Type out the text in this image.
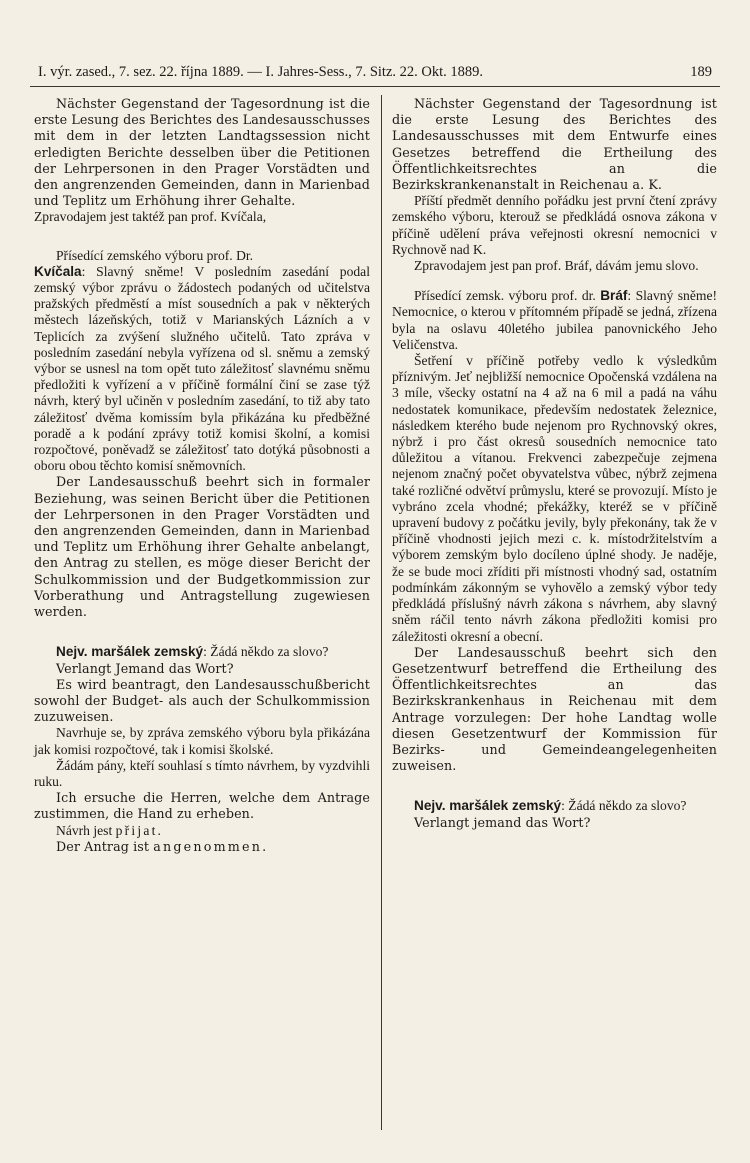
I. výr. zased., 7. sez. 22. října 1889. — I. Jahres-Sess., 7. Sitz. 22. Okt. 1889.	189

Nächster Gegenstand der Tagesordnung ist die erste Lesung des Berichtes des Landesausschusses mit dem in der letzten Landtagssession nicht erledigten Berichte desselben über die Petitionen der Lehrpersonen in den Prager Vorstädten und den angrenzenden Gemeinden, dann in Marienbad und Teplitz um Erhöhung ihrer Gehalte.

Zpravodajem jest taktéž pan prof. Kvíčala,

Přísedící zemského výboru prof. Dr.
Kvíčala: Slavný sněme! V posledním zasedání podal zemský výbor zprávu o žádostech podaných od učitelstva pražských předměstí a míst sousedních a pak v některých městech lázeňských, totiž v Marianských Lázních a v Teplicích za zvýšení služného učitelů. Tato zpráva v posledním zasedání nebyla vyřízena od sl. sněmu a zemský výbor se usnesl na tom opět tuto záležitosť slavnému sněmu předložiti k vyřízení a v příčině formální činí se zase týž návrh, který byl učiněn v posledním zasedání, to tiž aby tato záležitosť dvěma komissím byla přikázána ku předběžné poradě a k podání zprávy totiž komisi školní, a komisi rozpočtové, poněvadž se záležitosť tato dotýká působnosti a oboru obou těchto komisí sněmovních.

Der Landesausschuß beehrt sich in formaler Beziehung, was seinen Bericht über die Petitionen der Lehrpersonen in den Prager Vorstädten und den angrenzenden Gemeinden, dann in Marienbad und Teplitz um Erhöhung ihrer Gehalte anbelangt, den Antrag zu stellen, es möge dieser Bericht der Schulkommission und der Budgetkommission zur Vorberathung und Antragstellung zugewiesen werden.

Nejv. maršálek zemský: Žádá někdo za slovo?

Verlangt Jemand das Wort?

Es wird beantragt, den Landesausschußbericht sowohl der Budget- als auch der Schulkommission zuzuweisen.

Navrhuje se, by zpráva zemského výboru byla přikázána jak komisi rozpočtové, tak i komisi školské.

Žádám pány, kteří souhlasí s tímto návrhem, by vyzdvihli ruku.

Ich ersuche die Herren, welche dem Antrage zustimmen, die Hand zu erheben.

Návrh jest přijat.

Der Antrag ist angenommen.

Nächster Gegenstand der Tagesordnung ist die erste Lesung des Berichtes des Landesausschusses mit dem Entwurfe eines Gesetzes betreffend die Ertheilung des Öffentlichkeitsrechtes an die Bezirkskrankenanstalt in Reichenau a. K.

Příští předmět denního pořádku jest první čtení zprávy zemského výboru, kterouž se předkládá osnova zákona v příčině udělení práva veřejnosti okresní nemocnici v Rychnově nad K.

Zpravodajem jest pan prof. Bráf, dávám jemu slovo.

Přísedící zemsk. výboru prof. dr. Bráf: Slavný sněme! Nemocnice, o kterou v přítomném případě se jedná, zřízena byla na oslavu 40letého jubilea panovnického Jeho Veličenstva.

Šetření v příčině potřeby vedlo k výsledkům příznivým. Jeť nejbližší nemocnice Opočenská vzdálena na 3 míle, všecky ostatní na 4 až na 6 mil a padá na váhu nedostatek komunikace, především nedostatek železnice, následkem kterého bude nejenom pro Rychnovský okres, nýbrž i pro část okresů sousedních nemocnice tato důležitou a vítanou. Frekvenci zabezpečuje zejmena nejenom značný počet obyvatelstva vůbec, nýbrž zejmena také rozličné odvětví průmyslu, které se provozují. Místo je vybráno zcela vhodné; překážky, kteréž se v příčině upravení budovy z počátku jevily, byly překonány, tak že v příčině vhodnosti jejich mezi c. k. místodržitelstvím a výborem zemským bylo docíleno úplné shody. Je naděje, že se bude moci zříditi při místnosti vhodný sad, ostatním podmínkám zákonným se vyhovělo a zemský výbor tedy předkládá příslušný návrh zákona s návrhem, aby slavný sněm ráčil tento návrh zákona předložiti komisi pro záležitosti okresní a obecní.

Der Landesausschuß beehrt sich den Gesetzentwurf betreffend die Ertheilung des Öffentlichkeitsrechtes an das Bezirkskrankenhaus in Reichenau mit dem Antrage vorzulegen: Der hohe Landtag wolle diesen Gesetzentwurf der Kommission für Bezirks- und Gemeindeangelegenheiten zuweisen.

Nejv. maršálek zemský: Žádá někdo za slovo?

Verlangt jemand das Wort?
